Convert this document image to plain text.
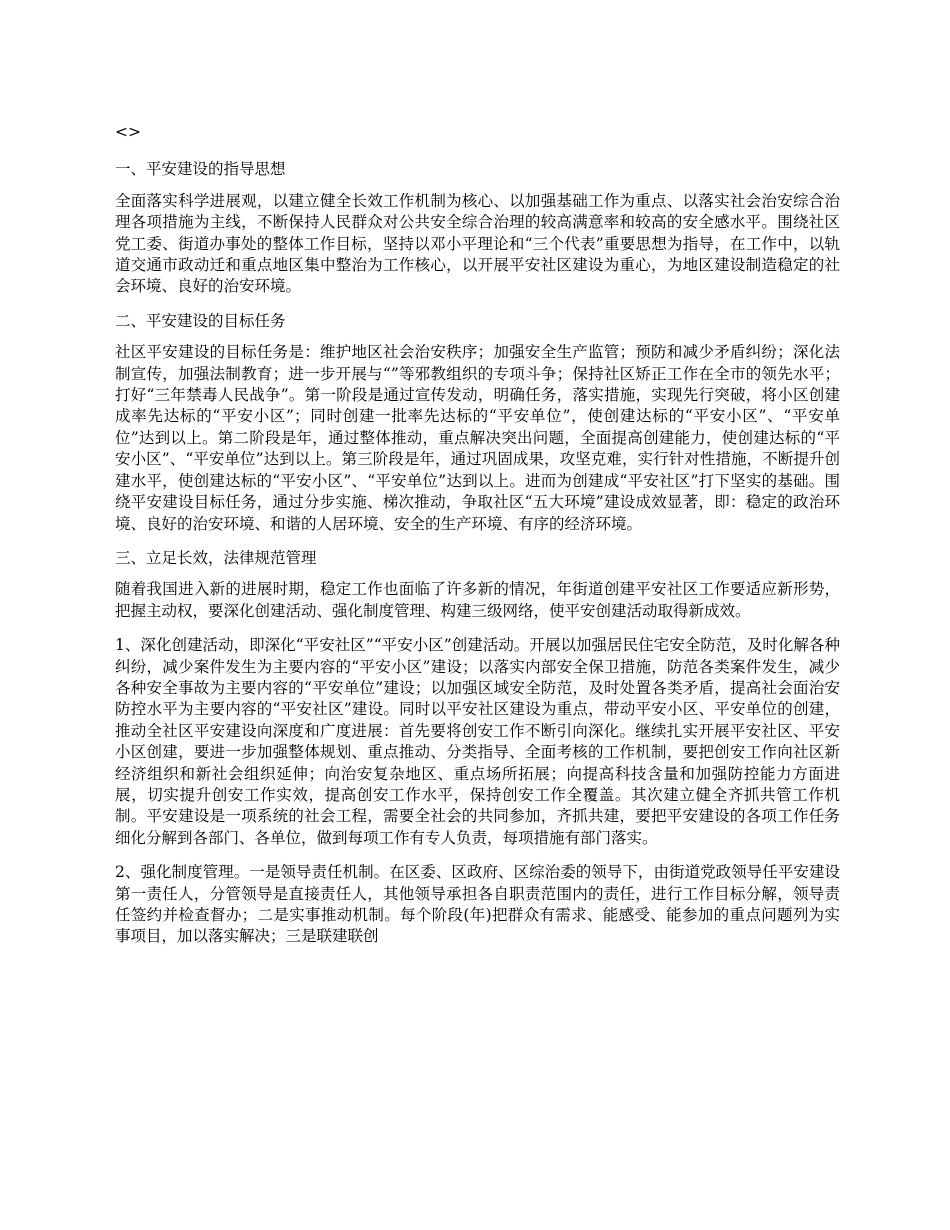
<>

一、平安建设的指导思想

全面落实科学进展观，以建立健全长效工作机制为核心、以加强基础工作为重点、以落实社会治安综合治理各项措施为主线，不断保持人民群众对公共安全综合治理的较高满意率和较高的安全感水平。围绕社区党工委、街道办事处的整体工作目标，坚持以邓小平理论和“三个代表”重要思想为指导，在工作中，以轨道交通市政动迁和重点地区集中整治为工作核心，以开展平安社区建设为重心，为地区建设制造稳定的社会环境、良好的治安环境。

二、平安建设的目标任务

社区平安建设的目标任务是：维护地区社会治安秩序；加强安全生产监管；预防和减少矛盾纠纷；深化法制宣传，加强法制教育；进一步开展与“”等邪教组织的专项斗争；保持社区矫正工作在全市的领先水平；打好“三年禁毒人民战争”。第一阶段是通过宣传发动，明确任务，落实措施，实现先行突破，将小区创建成率先达标的“平安小区”；同时创建一批率先达标的“平安单位”，使创建达标的“平安小区”、“平安单位”达到以上。第二阶段是年，通过整体推动，重点解决突出问题，全面提高创建能力，使创建达标的“平安小区”、“平安单位”达到以上。第三阶段是年，通过巩固成果，攻坚克难，实行针对性措施，不断提升创建水平，使创建达标的“平安小区”、“平安单位”达到以上。进而为创建成“平安社区”打下坚实的基础。围绕平安建设目标任务，通过分步实施、梯次推动，争取社区“五大环境”建设成效显著，即：稳定的政治环境、良好的治安环境、和谐的人居环境、安全的生产环境、有序的经济环境。

三、立足长效，法律规范管理

随着我国进入新的进展时期，稳定工作也面临了许多新的情况，年街道创建平安社区工作要适应新形势，把握主动权，要深化创建活动、强化制度管理、构建三级网络，使平安创建活动取得新成效。

1、深化创建活动，即深化“平安社区”“平安小区”创建活动。开展以加强居民住宅安全防范，及时化解各种纠纷，减少案件发生为主要内容的“平安小区”建设；以落实内部安全保卫措施，防范各类案件发生，减少各种安全事故为主要内容的“平安单位”建设；以加强区域安全防范，及时处置各类矛盾，提高社会面治安防控水平为主要内容的“平安社区”建设。同时以平安社区建设为重点，带动平安小区、平安单位的创建，推动全社区平安建设向深度和广度进展：首先要将创安工作不断引向深化。继续扎实开展平安社区、平安小区创建，要进一步加强整体规划、重点推动、分类指导、全面考核的工作机制，要把创安工作向社区新经济组织和新社会组织延伸；向治安复杂地区、重点场所拓展；向提高科技含量和加强防控能力方面进展，切实提升创安工作实效，提高创安工作水平，保持创安工作全覆盖。其次建立健全齐抓共管工作机制。平安建设是一项系统的社会工程，需要全社会的共同参加，齐抓共建，要把平安建设的各项工作任务细化分解到各部门、各单位，做到每项工作有专人负责，每项措施有部门落实。

2、强化制度管理。一是领导责任机制。在区委、区政府、区综治委的领导下，由街道党政领导任平安建设第一责任人，分管领导是直接责任人，其他领导承担各自职责范围内的责任，进行工作目标分解，领导责任签约并检查督办；二是实事推动机制。每个阶段(年)把群众有需求、能感受、能参加的重点问题列为实事项目，加以落实解决；三是联建联创
